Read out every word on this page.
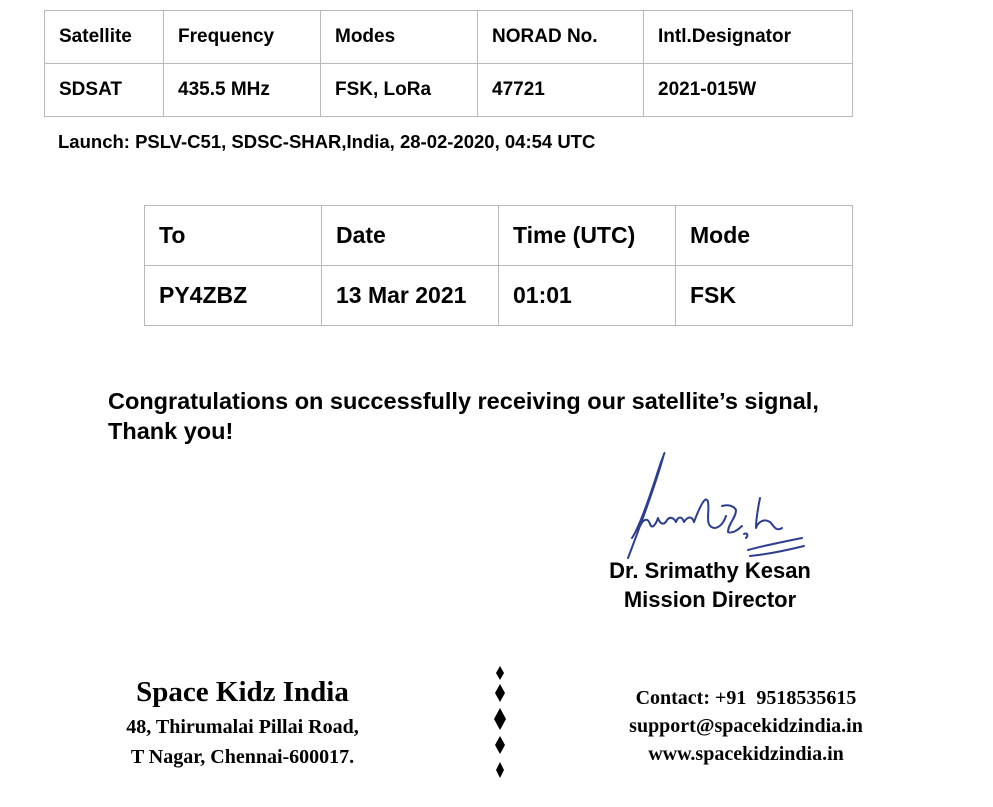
Satellite	Frequency	Modes	NORAD No.	Intl.Designator
SDSAT	435.5 MHz	FSK, LoRa	47721	2021-015W
Launch: PSLV-C51, SDSC-SHAR,India, 28-02-2020, 04:54 UTC
To	Date	Time (UTC)	Mode
PY4ZBZ	13 Mar 2021	01:01	FSK
Congratulations on successfully receiving our satellite’s signal,
Thank you!
Dr. Srimathy Kesan
Mission Director
Space Kidz India
48, Thirumalai Pillai Road,
T Nagar, Chennai-600017.
Contact: +91  9518535615
support@spacekidzindia.in
www.spacekidzindia.in
